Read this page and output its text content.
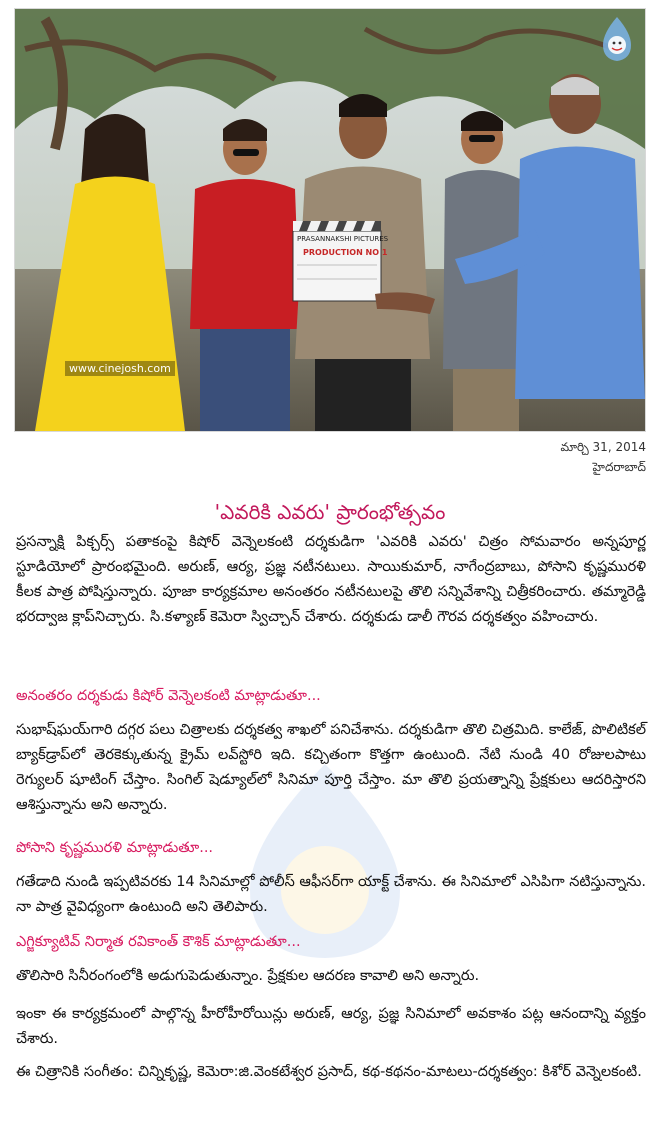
PRASANNAKSHI PICTURES
PRODUCTION NO 1
www.cinejosh.com
మార్చి 31, 2014
హైదరాబాద్
'ఎవరికి ఎవరు' ప్రారంభోత్సవం
ప్రసన్నాక్షి పిక్చర్స్ పతాకంపై కిషోర్ వెన్నెలకంటి దర్శకుడిగా 'ఎవరికి ఎవరు' చిత్రం సోమవారం అన్నపూర్ణ స్టూడియోలో ప్రారంభమైంది. అరుణ్, ఆర్య, ప్రజ్ఞ నటీనటులు. సాయికుమార్, నాగేంద్రబాబు, పోసాని కృష్ణమురళి కీలక పాత్ర పోషిస్తున్నారు. పూజా కార్యక్రమాల అనంతరం నటీనటులపై తొలి సన్నివేశాన్ని చిత్రీకరించారు. తమ్మారెడ్డి భరద్వాజ క్లాప్‌నిచ్చారు. సి.కళ్యాణ్ కెమెరా స్విచ్చాన్ చేశారు. దర్శకుడు డాలీ గౌరవ దర్శకత్వం వహించారు.
అనంతరం దర్శకుడు కిషోర్ వెన్నెలకంటి మాట్లాడుతూ...
సుభాష్‌ఘయ్‌గారి దగ్గర పలు చిత్రాలకు దర్శకత్వ శాఖలో పనిచేశాను. దర్శకుడిగా తొలి చిత్రమిది. కాలేజ్, పొలిటికల్ బ్యాక్‌డ్రాప్‌లో తెరకెక్కుతున్న క్రైమ్ లవ్‌స్టోరి ఇది. కచ్చితంగా కొత్తగా ఉంటుంది. నేటి నుండి 40 రోజులపాటు రెగ్యులర్ షూటింగ్ చేస్తాం. సింగిల్ షెడ్యూల్‌లో సినిమా పూర్తి చేస్తాం. మా తొలి ప్రయత్నాన్ని ప్రేక్షకులు ఆదరిస్తారని ఆశిస్తున్నాను అని అన్నారు.
పోసాని కృష్ణమురళి మాట్లాడుతూ...
గతేడాది నుండి ఇప్పటివరకు 14 సినిమాల్లో పోలీస్ ఆఫీసర్‌గా యాక్ట్ చేశాను. ఈ సినిమాలో ఎసిపిగా నటిస్తున్నాను. నా పాత్ర వైవిధ్యంగా ఉంటుంది అని తెలిపారు.
ఎగ్జిక్యూటివ్ నిర్మాత రవికాంత్ కౌశిక్ మాట్లాడుతూ...
తొలిసారి సినీరంగంలోకి అడుగుపెడుతున్నాం. ప్రేక్షకుల ఆదరణ కావాలి అని అన్నారు.
ఇంకా ఈ కార్యక్రమంలో పాల్గొన్న హీరోహీరోయిన్లు అరుణ్, ఆర్య, ప్రజ్ఞ సినిమాలో అవకాశం పట్ల ఆనందాన్ని వ్యక్తం చేశారు.
ఈ చిత్రానికి సంగీతం: చిన్నికృష్ణ, కెమెరా:జి.వెంకటేశ్వర ప్రసాద్, కథ-కథనం-మాటలు-దర్శకత్వం: కిశోర్ వెన్నెలకంటి.
